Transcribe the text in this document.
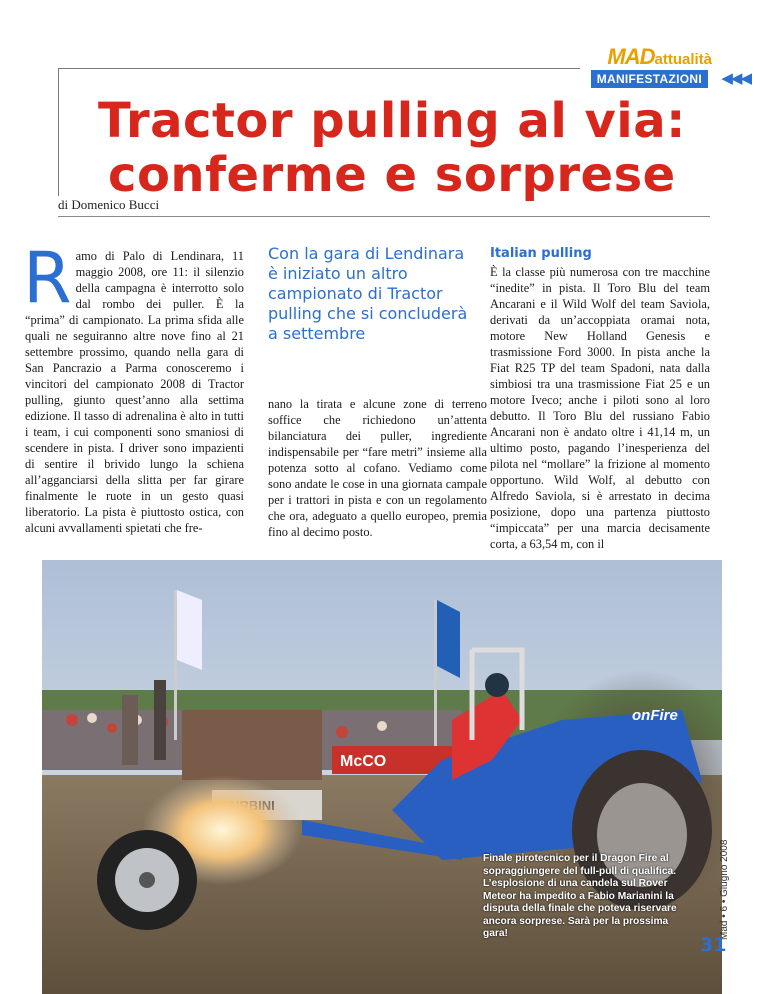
MADattualità
MANIFESTAZIONI	◀◀◀
Tractor pulling al via:
conferme e sorprese
di Domenico Bucci
R amo di Palo di Lendinara, 11 maggio 2008, ore 11: il silenzio della campagna è interrotto solo dal rombo dei puller. È la “prima” di campionato. La prima sfida alle quali ne seguiranno altre nove fino al 21 settembre prossimo, quando nella gara di San Pancrazio a Parma conosceremo i vincitori del campionato 2008 di Tractor pulling, giunto quest’anno alla settima edizione. Il tasso di adrenalina è alto in tutti i team, i cui componenti sono smaniosi di scendere in pista. I driver sono impazienti di sentire il brivido lungo la schiena all’agganciarsi della slitta per far girare finalmente le ruote in un gesto quasi liberatorio. La pista è piuttosto ostica, con alcuni avvallamenti spietati che fre-

Con la gara di Lendinara è iniziato un altro campionato di Tractor pulling che si concluderà a settembre

nano la tirata e alcune zone di terreno soffice che richiedono un’attenta bilanciatura dei puller, ingrediente indispensabile per “fare metri” insieme alla potenza sotto al cofano. Vediamo come sono andate le cose in una giornata campale per i trattori in pista e con un regolamento che ora, adeguato a quello europeo, premia fino al decimo posto.

Italian pulling

È la classe più numerosa con tre macchine “inedite” in pista. Il Toro Blu del team Ancarani e il Wild Wolf del team Saviola, derivati da un’accoppiata oramai nota, motore New Holland Genesis e trasmissione Ford 3000. In pista anche la Fiat R25 TP del team Spadoni, nata dalla simbiosi tra una trasmissione Fiat 25 e un motore Iveco; anche i piloti sono al loro debutto. Il Toro Blu del russiano Fabio Ancarani non è andato oltre i 41,14 m, un ultimo posto, pagando l’inesperienza del pilota nel “mollare” la frizione al momento opportuno. Wild Wolf, al debutto con Alfredo Saviola, si è arrestato in decima posizione, dopo una partenza piuttosto “impiccata” per una marcia decisamente corta, a 63,54 m, con il

McCO
onFire
Finale pirotecnico per il Dragon Fire al sopraggiungere del full-pull di qualifica. L’esplosione di una candela sul Rover Meteor ha impedito a Fabio Marianini la disputa della finale che poteva riservare ancora sorprese. Sarà per la prossima gara!	Mad • 6 • Giugno 2008
31
